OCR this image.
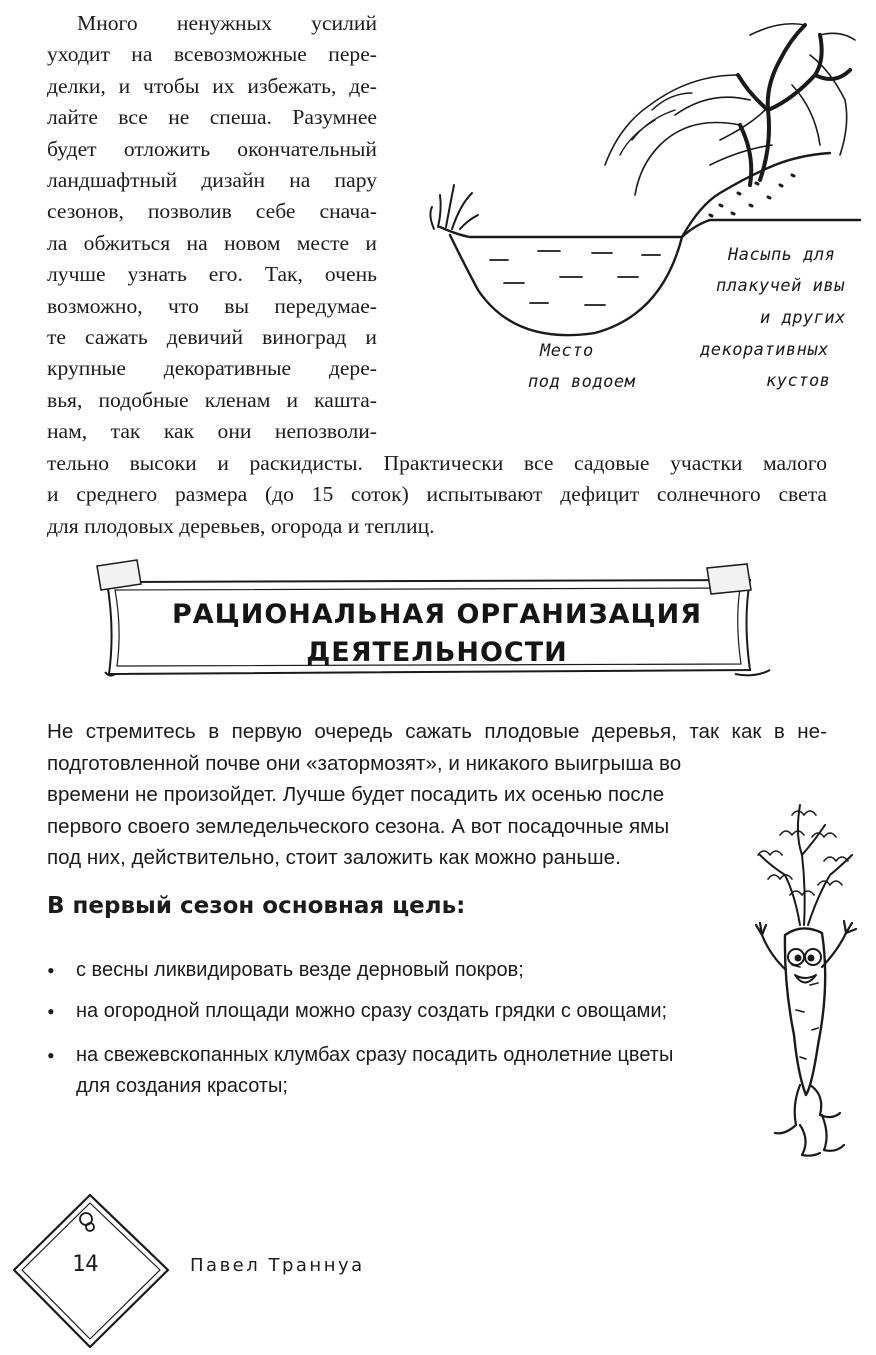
Много ненужных усилий
уходит на всевозможные пере-
делки, и чтобы их избежать, де-
лайте все не спеша. Разумнее
будет отложить окончательный
ландшафтный дизайн на пару
сезонов, позволив себе снача-
ла обжиться на новом месте и
лучше узнать его. Так, очень
возможно, что вы передумае-
те сажать девичий виноград и
крупные декоративные дере-
вья, подобные кленам и кашта-
нам, так как они непозволи-
тельно высоки и раскидисты. Практически все садовые участки малого
и среднего размера (до 15 соток) испытывают дефицит солнечного света
для плодовых деревьев, огорода и теплиц.
Место
под водоем
Насыпь для
плакучей ивы
и других
декоративных
кустов
РАЦИОНАЛЬНАЯ ОРГАНИЗАЦИЯ
ДЕЯТЕЛЬНОСТИ
Не стремитесь в первую очередь сажать плодовые деревья, так как в не-
подготовленной почве они «затормозят», и никакого выигрыша во
времени не произойдет. Лучше будет посадить их осенью после
первого своего земледельческого сезона. А вот посадочные ямы
под них, действительно, стоит заложить как можно раньше.
В первый сезон основная цель:
• с весны ликвидировать везде дерновый покров;
• на огородной площади можно сразу создать грядки с овощами;
• на свежевскопанных клумбах сразу посадить однолетние цветы
для создания красоты;
14	Павел Траннуа
